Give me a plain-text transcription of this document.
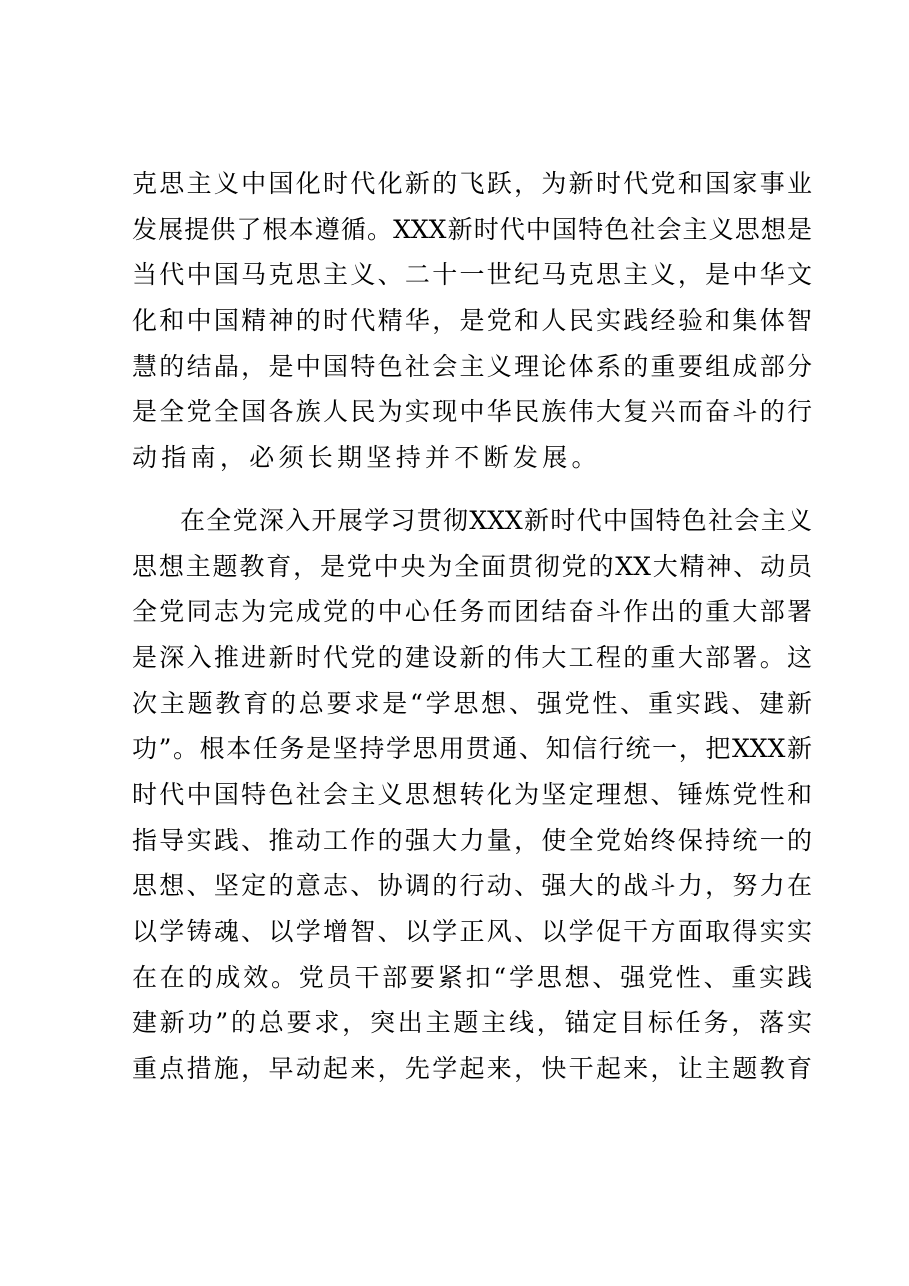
克思主义中国化时代化新的飞跃，为新时代党和国家事业
发展提供了根本遵循。XXX新时代中国特色社会主义思想是
当代中国马克思主义、二十一世纪马克思主义，是中华文
化和中国精神的时代精华，是党和人民实践经验和集体智
慧的结晶，是中国特色社会主义理论体系的重要组成部分
是全党全国各族人民为实现中华民族伟大复兴而奋斗的行
动指南，必须长期坚持并不断发展。
在全党深入开展学习贯彻XXX新时代中国特色社会主义
思想主题教育，是党中央为全面贯彻党的XX大精神、动员
全党同志为完成党的中心任务而团结奋斗作出的重大部署
是深入推进新时代党的建设新的伟大工程的重大部署。这
次主题教育的总要求是“学思想、强党性、重实践、建新
功”。根本任务是坚持学思用贯通、知信行统一，把XXX新
时代中国特色社会主义思想转化为坚定理想、锤炼党性和
指导实践、推动工作的强大力量，使全党始终保持统一的
思想、坚定的意志、协调的行动、强大的战斗力，努力在
以学铸魂、以学增智、以学正风、以学促干方面取得实实
在在的成效。党员干部要紧扣“学思想、强党性、重实践
建新功”的总要求，突出主题主线，锚定目标任务，落实
重点措施，早动起来，先学起来，快干起来，让主题教育
